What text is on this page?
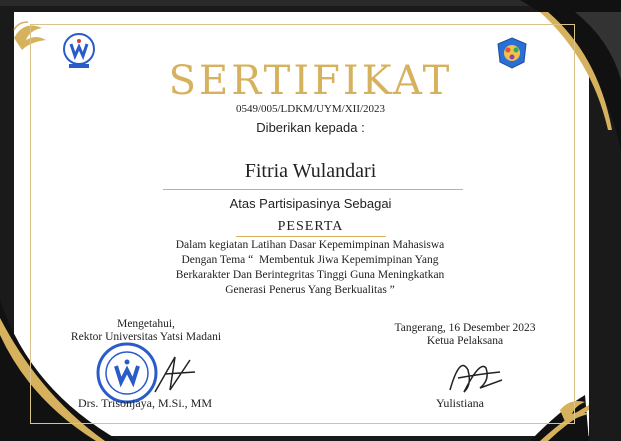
SERTIFIKAT
0549/005/LDKM/UYM/XII/2023
Diberikan kepada :
Fitria Wulandari
Atas Partisipasinya Sebagai
PESERTA
Dalam kegiatan Latihan Dasar Kepemimpinan Mahasiswa
Dengan Tema “  Membentuk Jiwa Kepemimpinan Yang
Berkarakter Dan Berintegritas Tinggi Guna Meningkatkan
Generasi Penerus Yang Berkualitas ”
Mengetahui,
Rektor Universitas Yatsi Madani
Tangerang, 16 Desember 2023
Ketua Pelaksana
Drs. Trisonjaya, M.Si., MM	Yulistiana
